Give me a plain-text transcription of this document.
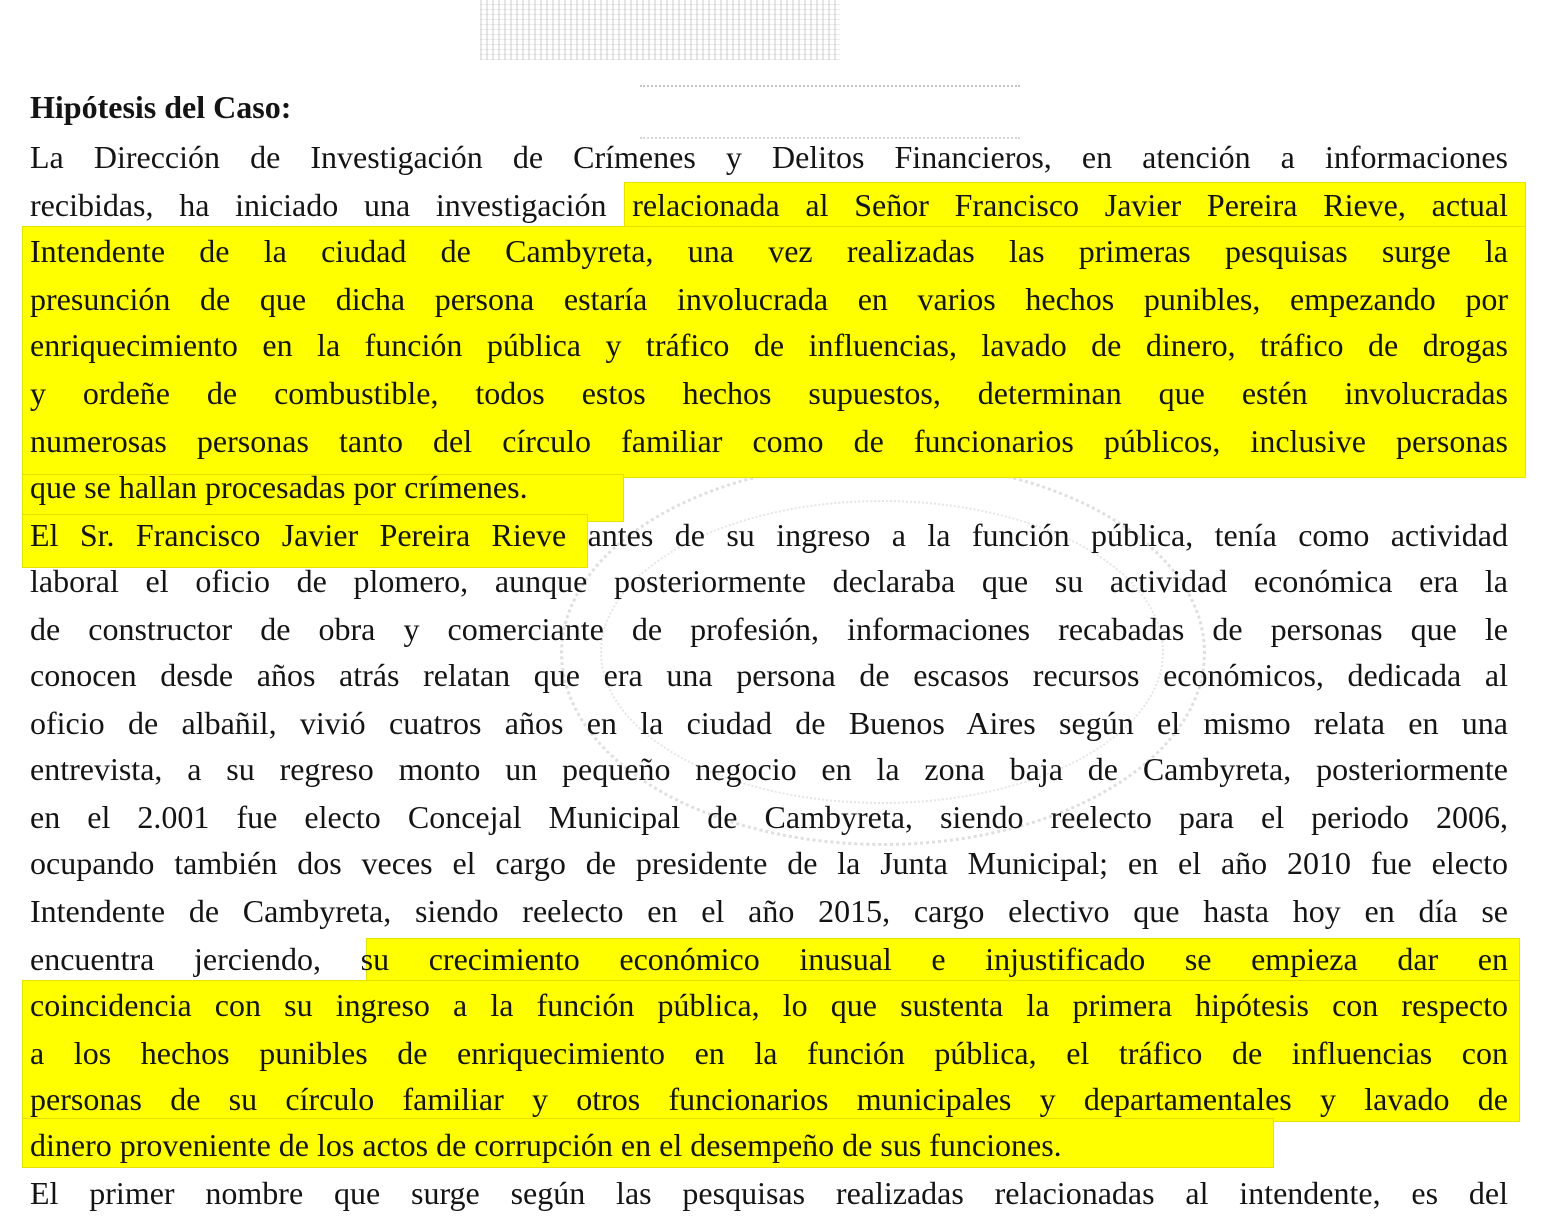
Hipótesis del Caso:
La Dirección de Investigación de Crímenes y Delitos Financieros, en atención a informaciones
recibidas, ha iniciado una investigación relacionada al Señor Francisco Javier Pereira Rieve, actual
Intendente de la ciudad de Cambyreta, una vez realizadas las primeras pesquisas surge la
presunción de que dicha persona estaría involucrada en varios hechos punibles, empezando por
enriquecimiento en la función pública y tráfico de influencias, lavado de dinero, tráfico de drogas
y ordeñe de combustible, todos estos hechos supuestos, determinan que estén involucradas
numerosas personas tanto del círculo familiar como de funcionarios públicos, inclusive personas
que se hallan procesadas por crímenes.
El Sr. Francisco Javier Pereira Rieve antes de su ingreso a la función pública, tenía como actividad
laboral el oficio de plomero, aunque posteriormente declaraba que su actividad económica era la
de constructor de obra y comerciante de profesión, informaciones recabadas de personas que le
conocen desde años atrás relatan que era una persona de escasos recursos económicos, dedicada al
oficio de albañil, vivió cuatros años en la ciudad de Buenos Aires según el mismo relata en una
entrevista, a su regreso monto un pequeño negocio en la zona baja de Cambyreta, posteriormente
en el 2.001 fue electo Concejal Municipal de Cambyreta, siendo reelecto para el periodo 2006,
ocupando también dos veces el cargo de presidente de la Junta Municipal; en el año 2010 fue electo
Intendente de Cambyreta, siendo reelecto en el año 2015, cargo electivo que hasta hoy en día se
encuentra jerciendo, su crecimiento económico inusual e injustificado se empieza dar en
coincidencia con su ingreso a la función pública, lo que sustenta la primera hipótesis con respecto
a los hechos punibles de enriquecimiento en la función pública, el tráfico de influencias con
personas de su círculo familiar y otros funcionarios municipales y departamentales y lavado de
dinero proveniente de los actos de corrupción en el desempeño de sus funciones.
El primer nombre que surge según las pesquisas realizadas relacionadas al intendente, es del
